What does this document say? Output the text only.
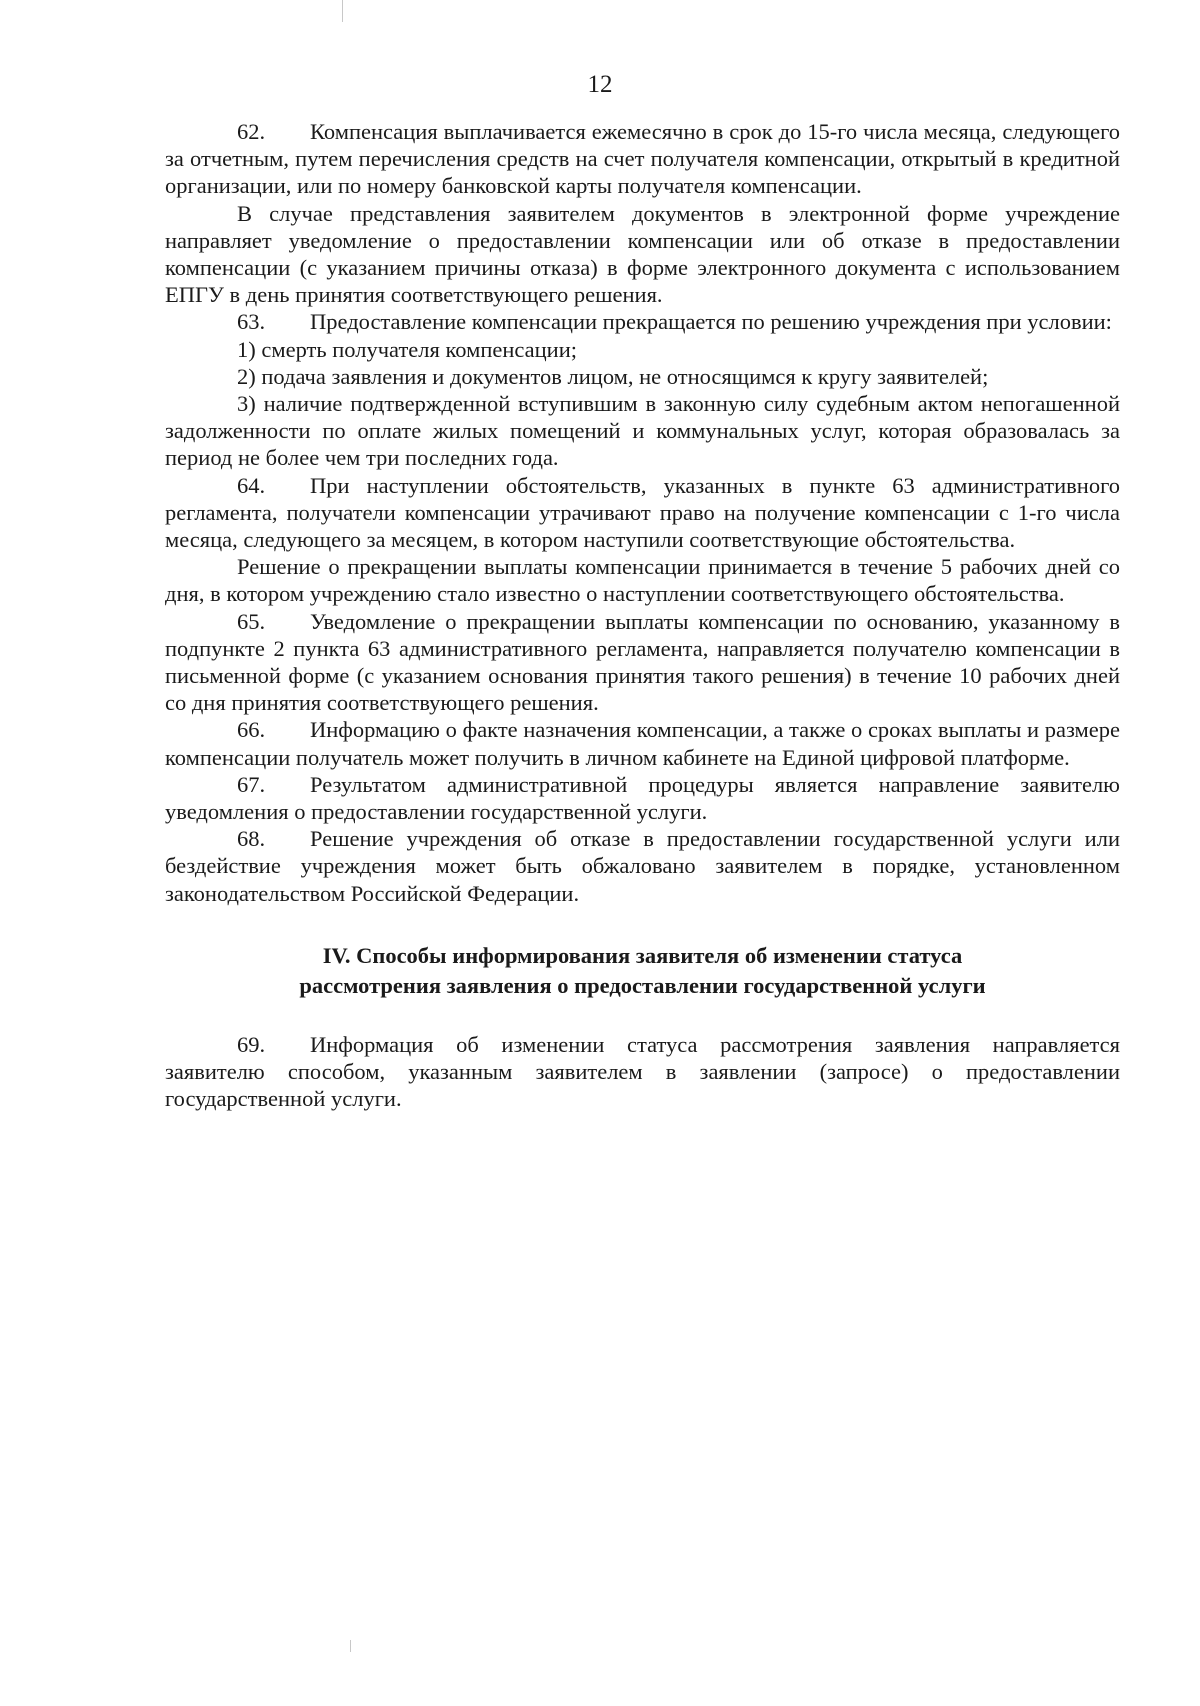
12

62. Компенсация выплачивается ежемесячно в срок до 15-го числа месяца, следующего за отчетным, путем перечисления средств на счет получателя компенсации, открытый в кредитной организации, или по номеру банковской карты получателя компенсации.

В случае представления заявителем документов в электронной форме учреждение направляет уведомление о предоставлении компенсации или об отказе в предоставлении компенсации (с указанием причины отказа) в форме электронного документа с использованием ЕПГУ в день принятия соответствующего решения.

63. Предоставление компенсации прекращается по решению учреждения при условии:

1) смерть получателя компенсации;

2) подача заявления и документов лицом, не относящимся к кругу заявителей;

3) наличие подтвержденной вступившим в законную силу судебным актом непогашенной задолженности по оплате жилых помещений и коммунальных услуг, которая образовалась за период не более чем три последних года.

64. При наступлении обстоятельств, указанных в пункте 63 административного регламента, получатели компенсации утрачивают право на получение компенсации с 1-го числа месяца, следующего за месяцем, в котором наступили соответствующие обстоятельства.

Решение о прекращении выплаты компенсации принимается в течение 5 рабочих дней со дня, в котором учреждению стало известно о наступлении соответствующего обстоятельства.

65. Уведомление о прекращении выплаты компенсации по основанию, указанному в подпункте 2 пункта 63 административного регламента, направляется получателю компенсации в письменной форме (с указанием основания принятия такого решения) в течение 10 рабочих дней со дня принятия соответствующего решения.

66. Информацию о факте назначения компенсации, а также о сроках выплаты и размере компенсации получатель может получить в личном кабинете на Единой цифровой платформе.

67. Результатом административной процедуры является направление заявителю уведомления о предоставлении государственной услуги.

68. Решение учреждения об отказе в предоставлении государственной услуги или бездействие учреждения может быть обжаловано заявителем в порядке, установленном законодательством Российской Федерации.

IV. Способы информирования заявителя об изменении статуса
рассмотрения заявления о предоставлении государственной услуги

69. Информация об изменении статуса рассмотрения заявления направляется заявителю способом, указанным заявителем в заявлении (запросе) о предоставлении государственной услуги.
